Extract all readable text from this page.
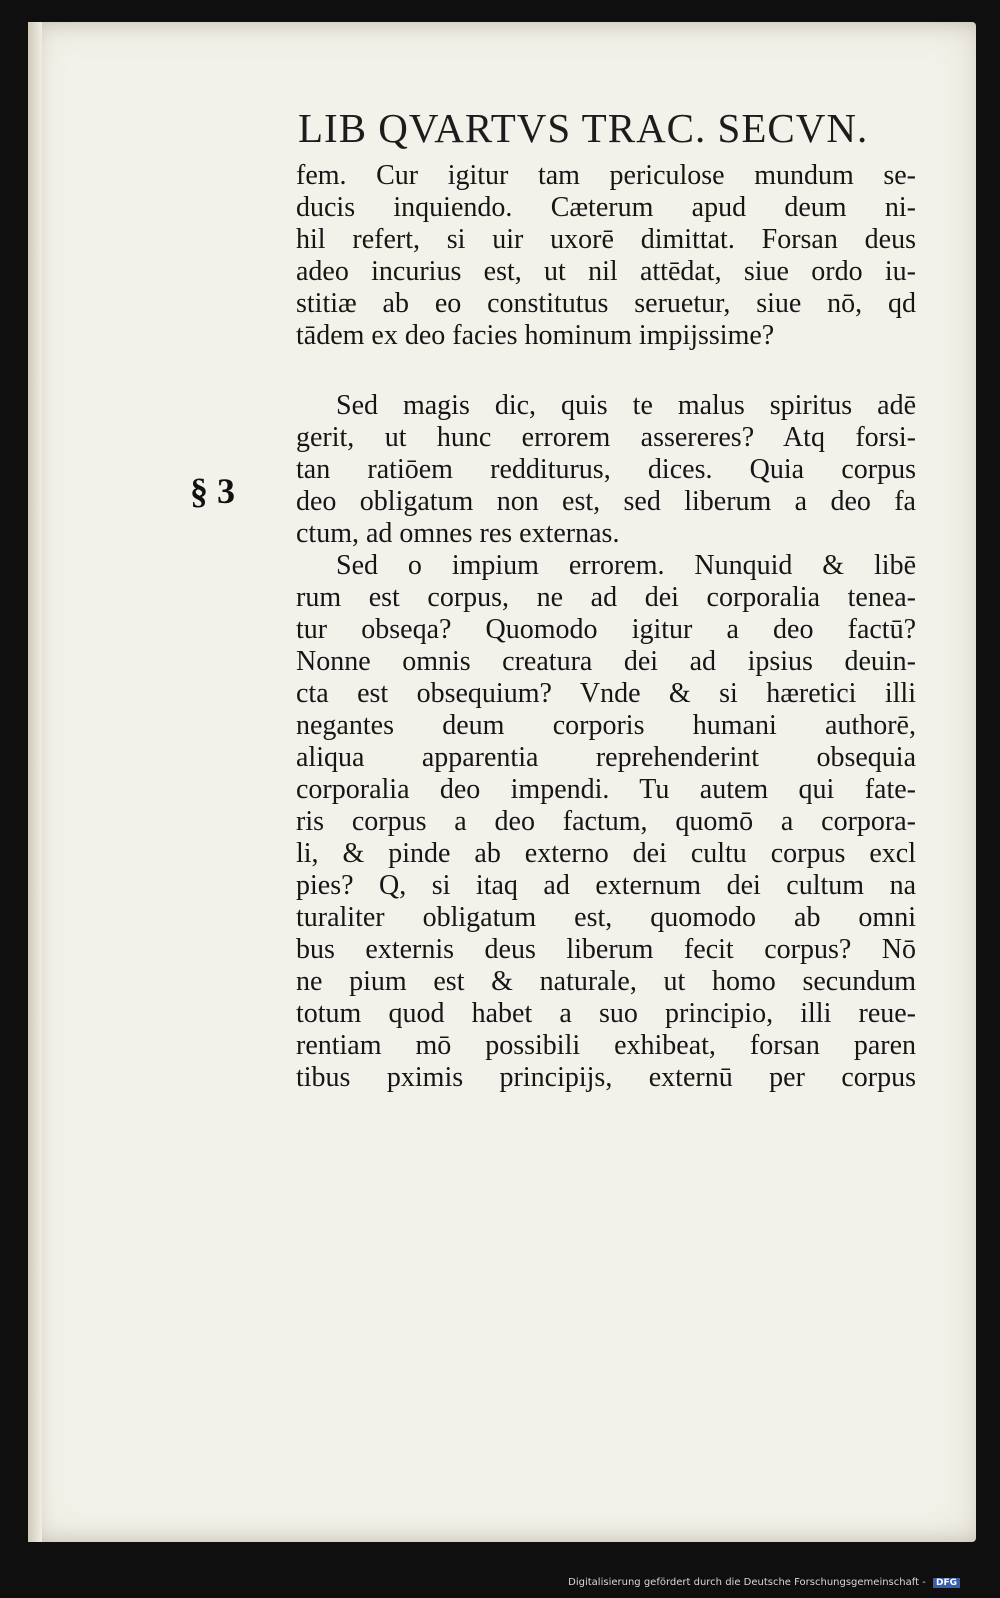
LIB QVARTVS TRAC. SECVN.
§ 3
fem. Cur igitur tam periculose mundum se-
ducis inquiendo. Cæterum apud deum ni-
hil refert, si uir uxorē dimittat. Forsan deus
adeo incurius est, ut nil attēdat, siue ordo iu-
stitiæ ab eo constitutus seruetur, siue nō, qd
tādem ex deo facies hominum impijssime?
Sed magis dic, quis te malus spiritus adē
gerit, ut hunc errorem assereres? Atq forsi-
tan ratiōem redditurus, dices. Quia corpus
deo obligatum non est, sed liberum a deo fa
ctum, ad omnes res externas.
Sed o impium errorem. Nunquid & libē
rum est corpus, ne ad dei corporalia tenea-
tur obseqa? Quomodo igitur a deo factū?
Nonne omnis creatura dei ad ipsius deuin-
cta est obsequium? Vnde & si hæretici illi
negantes deum corporis humani authorē,
aliqua apparentia reprehenderint obsequia
corporalia deo impendi. Tu autem qui fate-
ris corpus a deo factum, quomō a corpora-
li, & pinde ab externo dei cultu corpus excl
pies? Q, si itaq ad externum dei cultum na
turaliter obligatum est, quomodo ab omni
bus externis deus liberum fecit corpus? Nō
ne pium est & naturale, ut homo secundum
totum quod habet a suo principio, illi reue-
rentiam mō possibili exhibeat, forsan paren
tibus pximis principijs, externū per corpus
Digitalisierung gefördert durch die Deutsche Forschungsgemeinschaft - DFG
